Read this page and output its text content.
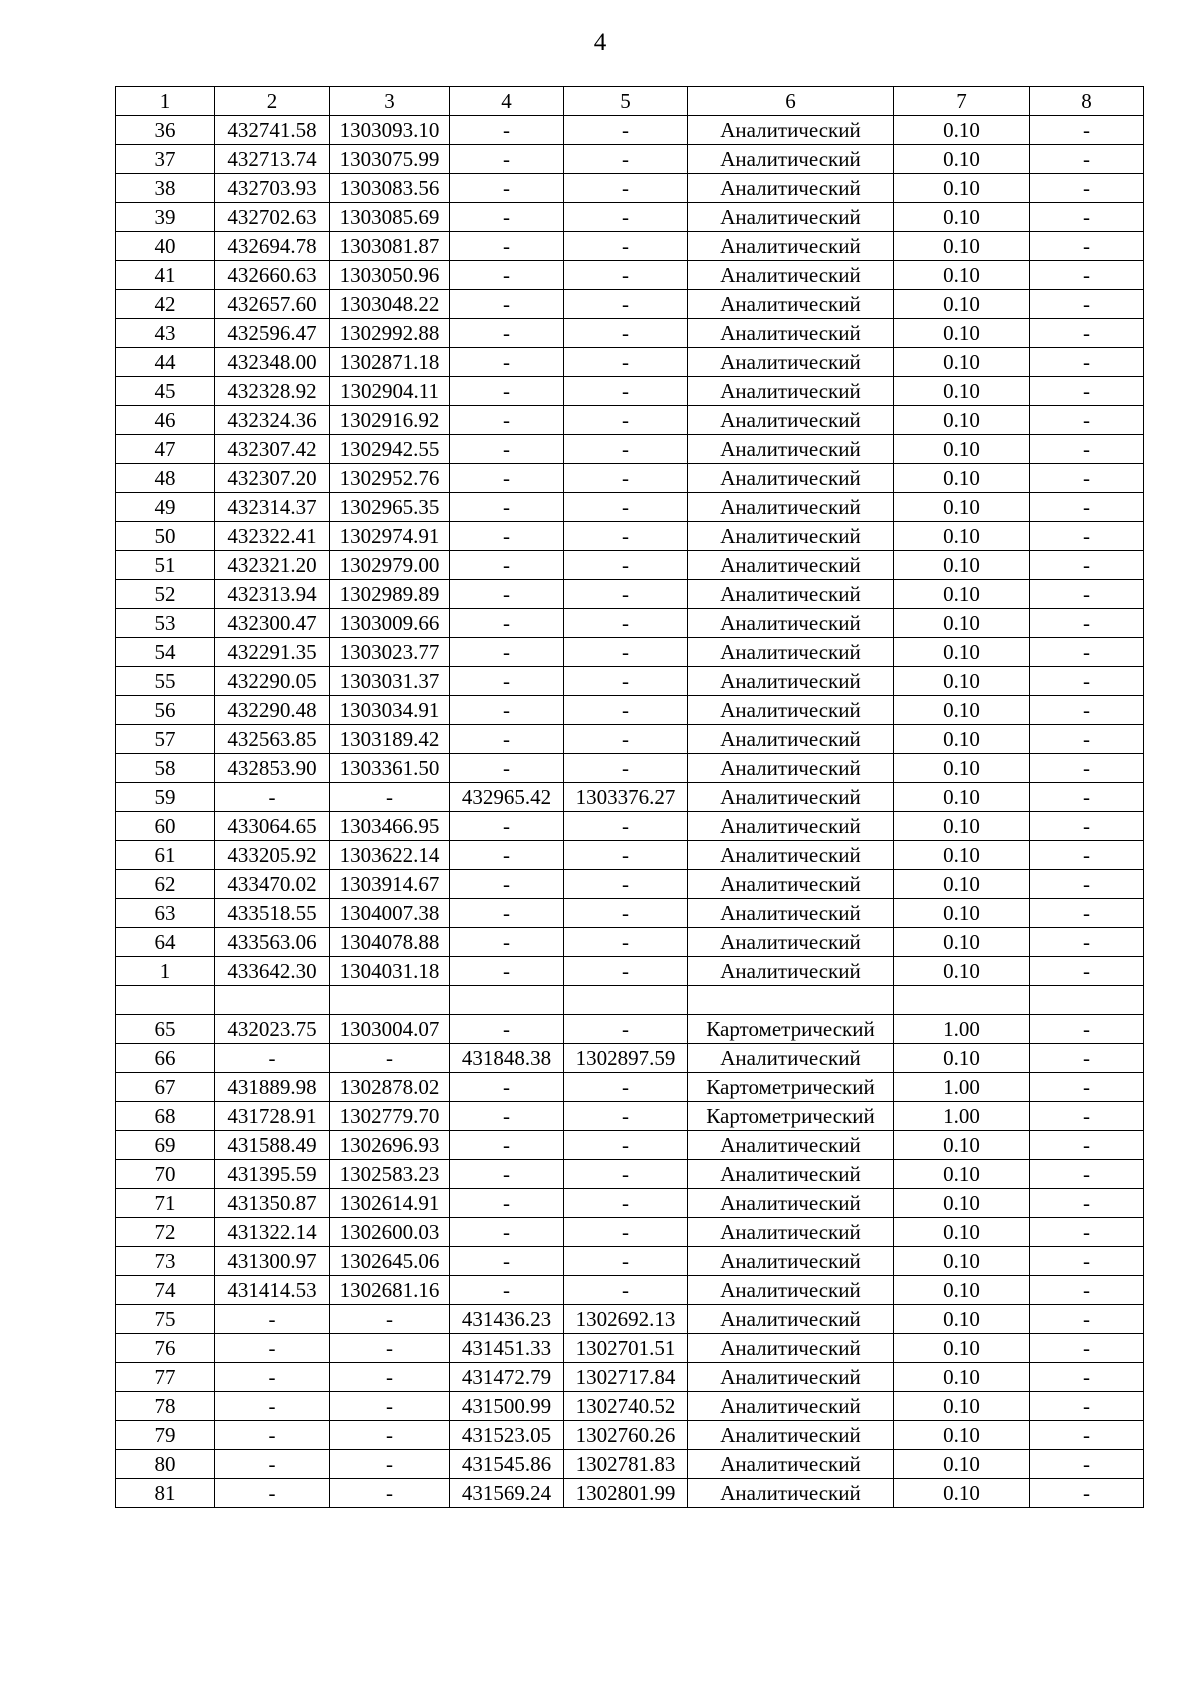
4
1	2	3	4	5	6	7	8
36	432741.58	1303093.10	-	-	Аналитический	0.10	-
37	432713.74	1303075.99	-	-	Аналитический	0.10	-
38	432703.93	1303083.56	-	-	Аналитический	0.10	-
39	432702.63	1303085.69	-	-	Аналитический	0.10	-
40	432694.78	1303081.87	-	-	Аналитический	0.10	-
41	432660.63	1303050.96	-	-	Аналитический	0.10	-
42	432657.60	1303048.22	-	-	Аналитический	0.10	-
43	432596.47	1302992.88	-	-	Аналитический	0.10	-
44	432348.00	1302871.18	-	-	Аналитический	0.10	-
45	432328.92	1302904.11	-	-	Аналитический	0.10	-
46	432324.36	1302916.92	-	-	Аналитический	0.10	-
47	432307.42	1302942.55	-	-	Аналитический	0.10	-
48	432307.20	1302952.76	-	-	Аналитический	0.10	-
49	432314.37	1302965.35	-	-	Аналитический	0.10	-
50	432322.41	1302974.91	-	-	Аналитический	0.10	-
51	432321.20	1302979.00	-	-	Аналитический	0.10	-
52	432313.94	1302989.89	-	-	Аналитический	0.10	-
53	432300.47	1303009.66	-	-	Аналитический	0.10	-
54	432291.35	1303023.77	-	-	Аналитический	0.10	-
55	432290.05	1303031.37	-	-	Аналитический	0.10	-
56	432290.48	1303034.91	-	-	Аналитический	0.10	-
57	432563.85	1303189.42	-	-	Аналитический	0.10	-
58	432853.90	1303361.50	-	-	Аналитический	0.10	-
59	-	-	432965.42	1303376.27	Аналитический	0.10	-
60	433064.65	1303466.95	-	-	Аналитический	0.10	-
61	433205.92	1303622.14	-	-	Аналитический	0.10	-
62	433470.02	1303914.67	-	-	Аналитический	0.10	-
63	433518.55	1304007.38	-	-	Аналитический	0.10	-
64	433563.06	1304078.88	-	-	Аналитический	0.10	-
1	433642.30	1304031.18	-	-	Аналитический	0.10	-

65	432023.75	1303004.07	-	-	Картометрический	1.00	-
66	-	-	431848.38	1302897.59	Аналитический	0.10	-
67	431889.98	1302878.02	-	-	Картометрический	1.00	-
68	431728.91	1302779.70	-	-	Картометрический	1.00	-
69	431588.49	1302696.93	-	-	Аналитический	0.10	-
70	431395.59	1302583.23	-	-	Аналитический	0.10	-
71	431350.87	1302614.91	-	-	Аналитический	0.10	-
72	431322.14	1302600.03	-	-	Аналитический	0.10	-
73	431300.97	1302645.06	-	-	Аналитический	0.10	-
74	431414.53	1302681.16	-	-	Аналитический	0.10	-
75	-	-	431436.23	1302692.13	Аналитический	0.10	-
76	-	-	431451.33	1302701.51	Аналитический	0.10	-
77	-	-	431472.79	1302717.84	Аналитический	0.10	-
78	-	-	431500.99	1302740.52	Аналитический	0.10	-
79	-	-	431523.05	1302760.26	Аналитический	0.10	-
80	-	-	431545.86	1302781.83	Аналитический	0.10	-
81	-	-	431569.24	1302801.99	Аналитический	0.10	-
